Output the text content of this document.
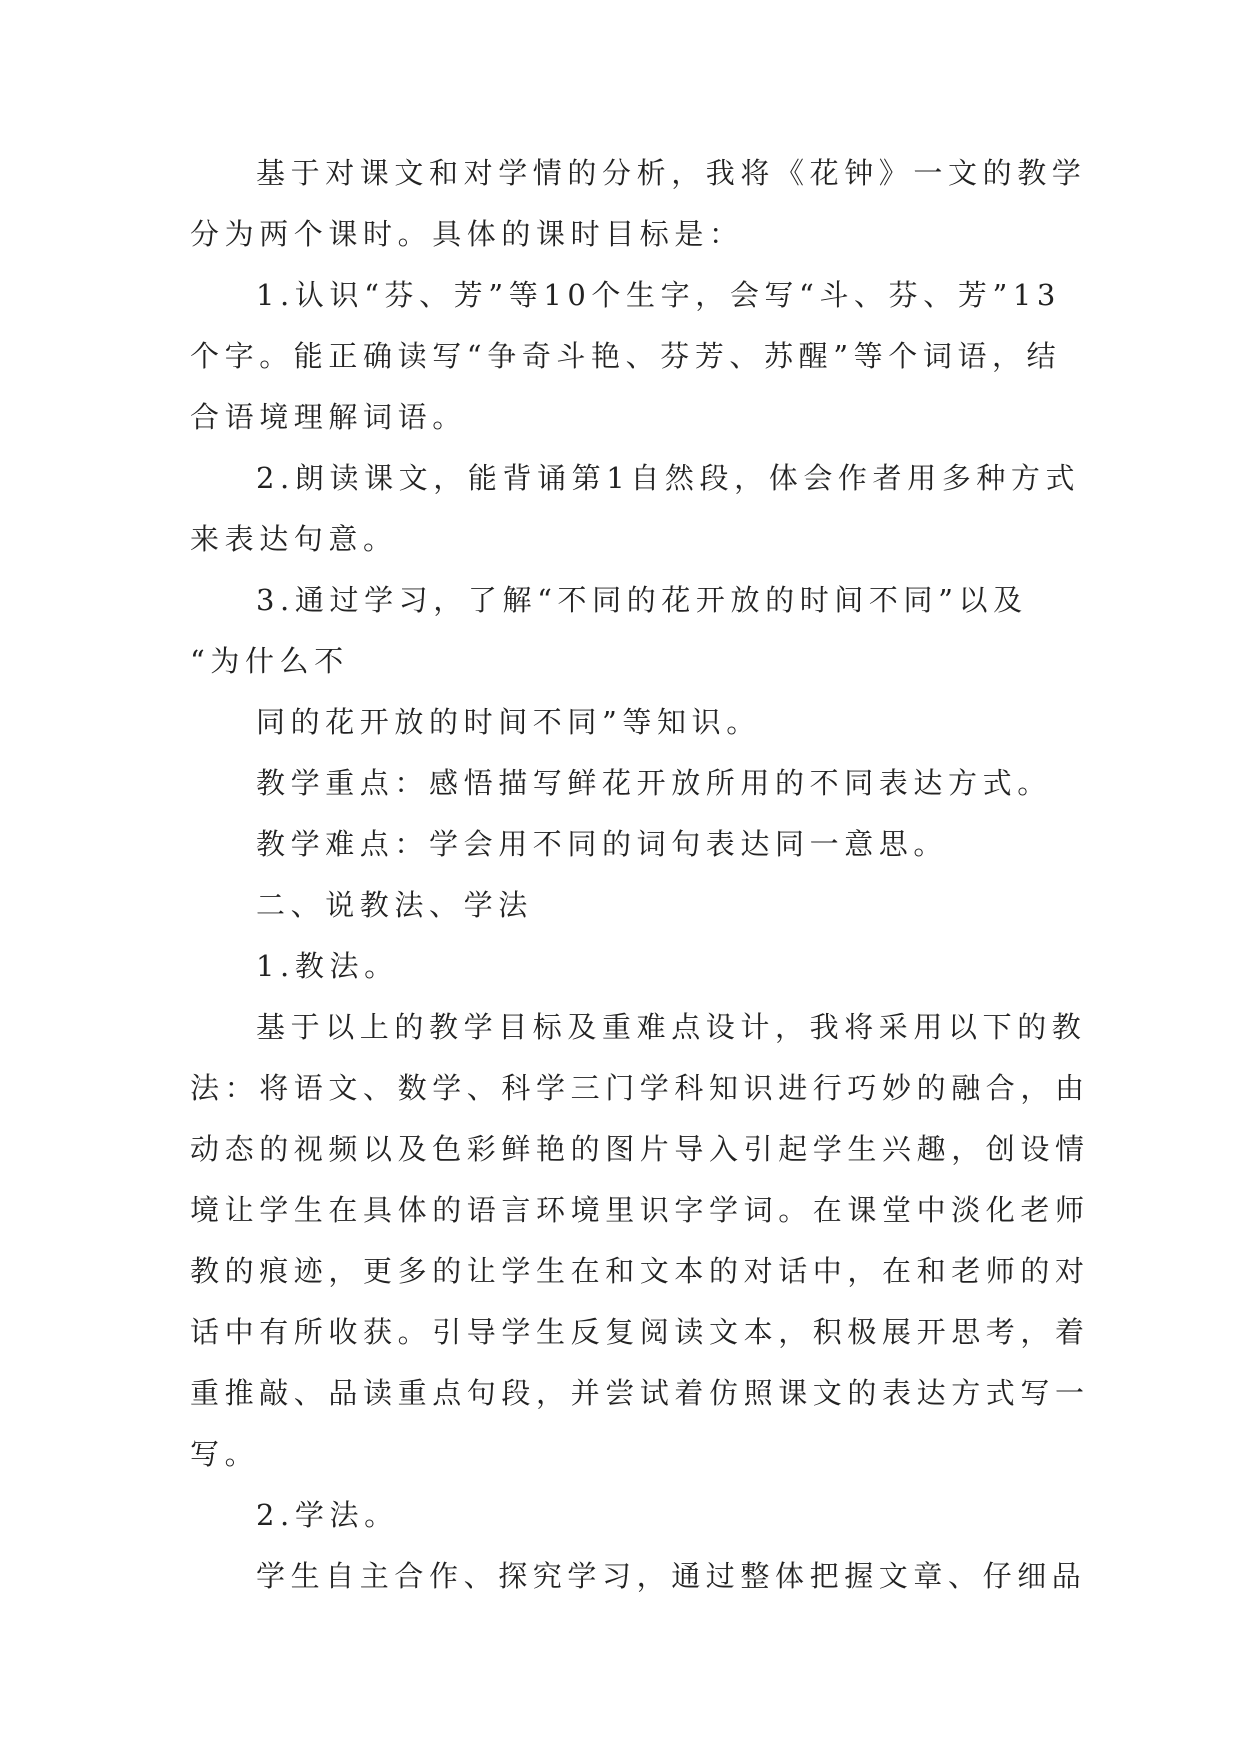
基于对课文和对学情的分析，我将《花钟》一文的教学
分为两个课时。具体的课时目标是：
1.认识“芬、芳”等10个生字，会写“斗、芬、芳”13
个字。能正确读写“争奇斗艳、芬芳、苏醒”等个词语，结
合语境理解词语。
2.朗读课文，能背诵第1自然段，体会作者用多种方式
来表达句意。
3.通过学习，了解“不同的花开放的时间不同”以及
“为什么不
同的花开放的时间不同”等知识。
教学重点：感悟描写鲜花开放所用的不同表达方式。
教学难点：学会用不同的词句表达同一意思。
二、说教法、学法
1.教法。
基于以上的教学目标及重难点设计，我将采用以下的教
法：将语文、数学、科学三门学科知识进行巧妙的融合，由
动态的视频以及色彩鲜艳的图片导入引起学生兴趣，创设情
境让学生在具体的语言环境里识字学词。在课堂中淡化老师
教的痕迹，更多的让学生在和文本的对话中，在和老师的对
话中有所收获。引导学生反复阅读文本，积极展开思考，着
重推敲、品读重点句段，并尝试着仿照课文的表达方式写一
写。
2.学法。
学生自主合作、探究学习，通过整体把握文章、仔细品
